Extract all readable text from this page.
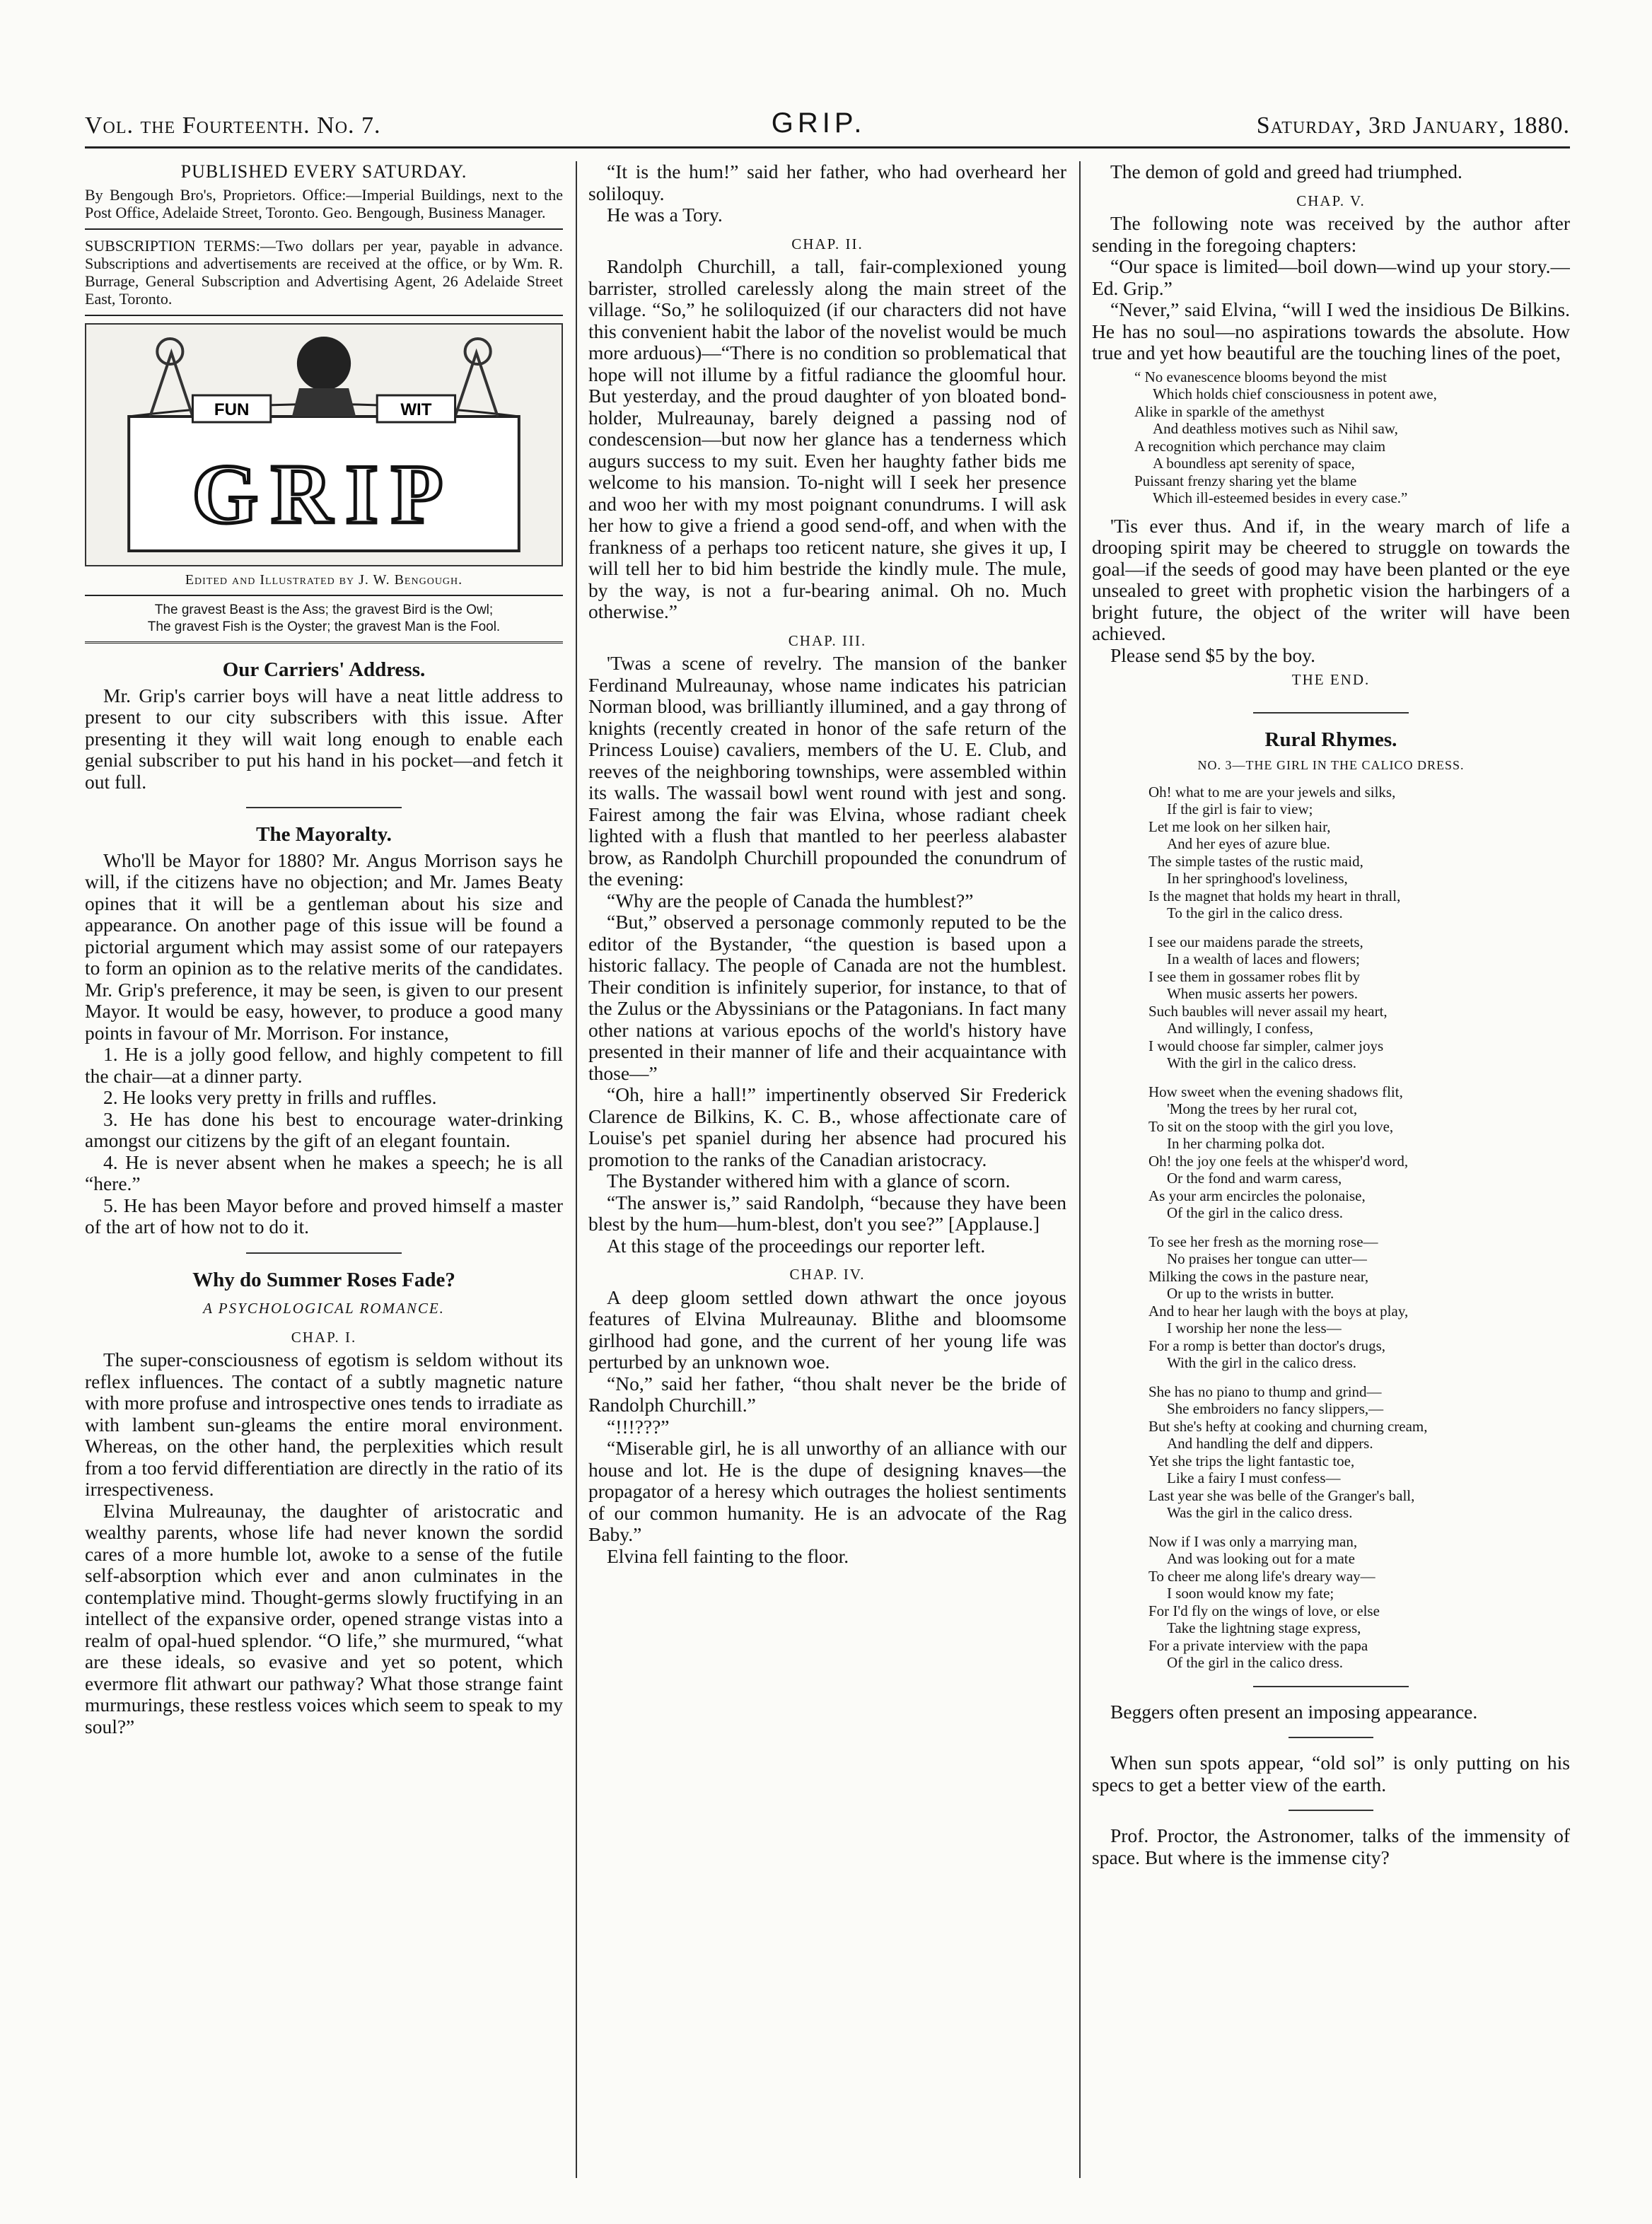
Vol. the Fourteenth. No. 7.	GRIP.	Saturday, 3rd January, 1880.
PUBLISHED EVERY SATURDAY.

By Bengough Bro's, Proprietors. Office:—Imperial Buildings, next to the Post Office, Adelaide Street, Toronto. Geo. Bengough, Business Manager.

SUBSCRIPTION TERMS:—Two dollars per year, payable in advance. Subscriptions and advertisements are received at the office, or by Wm. R. Burrage, General Subscription and Advertising Agent, 26 Adelaide Street East, Toronto.

FUN	WIT
GRIP
Edited and Illustrated by J. W. Bengough.
The gravest Beast is the Ass; the gravest Bird is the Owl;
The gravest Fish is the Oyster; the gravest Man is the Fool.
Our Carriers' Address.

Mr. Grip's carrier boys will have a neat little address to present to our city subscribers with this issue. After presenting it they will wait long enough to enable each genial subscriber to put his hand in his pocket—and fetch it out full.

The Mayoralty.

Who'll be Mayor for 1880? Mr. Angus Morrison says he will, if the citizens have no objection; and Mr. James Beaty opines that it will be a gentleman about his size and appearance. On another page of this issue will be found a pictorial argument which may assist some of our ratepayers to form an opinion as to the relative merits of the candidates. Mr. Grip's preference, it may be seen, is given to our present Mayor. It would be easy, however, to produce a good many points in favour of Mr. Morrison. For instance,

1. He is a jolly good fellow, and highly competent to fill the chair—at a dinner party.
2. He looks very pretty in frills and ruffles.
3. He has done his best to encourage water-drinking amongst our citizens by the gift of an elegant fountain.
4. He is never absent when he makes a speech; he is all “here.”
5. He has been Mayor before and proved himself a master of the art of how not to do it.
Why do Summer Roses Fade?
A PSYCHOLOGICAL ROMANCE.
CHAP. I.

The super-consciousness of egotism is seldom without its reflex influences. The contact of a subtly magnetic nature with more profuse and introspective ones tends to irradiate as with lambent sun-gleams the entire moral environment. Whereas, on the other hand, the perplexities which result from a too fervid differentiation are directly in the ratio of its irrespectiveness.

Elvina Mulreaunay, the daughter of aristocratic and wealthy parents, whose life had never known the sordid cares of a more humble lot, awoke to a sense of the futile self-absorption which ever and anon culminates in the contemplative mind. Thought-germs slowly fructifying in an intellect of the expansive order, opened strange vistas into a realm of opal-hued splendor. “O life,” she murmured, “what are these ideals, so evasive and yet so potent, which evermore flit athwart our pathway? What those strange faint murmurings, these restless voices which seem to speak to my soul?”

“It is the hum!” said her father, who had overheard her soliloquy.

He was a Tory.

CHAP. II.

Randolph Churchill, a tall, fair-complexioned young barrister, strolled carelessly along the main street of the village. “So,” he soliloquized (if our characters did not have this convenient habit the labor of the novelist would be much more arduous)—“There is no condition so problematical that hope will not illume by a fitful radiance the gloomful hour. But yesterday, and the proud daughter of yon bloated bond-holder, Mulreaunay, barely deigned a passing nod of condescension—but now her glance has a tenderness which augurs success to my suit. Even her haughty father bids me welcome to his mansion. To-night will I seek her presence and woo her with my most poignant conundrums. I will ask her how to give a friend a good send-off, and when with the frankness of a perhaps too reticent nature, she gives it up, I will tell her to bid him bestride the kindly mule. The mule, by the way, is not a fur-bearing animal. Oh no. Much otherwise.”

CHAP. III.

'Twas a scene of revelry. The mansion of the banker Ferdinand Mulreaunay, whose name indicates his patrician Norman blood, was brilliantly illumined, and a gay throng of knights (recently created in honor of the safe return of the Princess Louise) cavaliers, members of the U. E. Club, and reeves of the neighboring townships, were assembled within its walls. The wassail bowl went round with jest and song. Fairest among the fair was Elvina, whose radiant cheek lighted with a flush that mantled to her peerless alabaster brow, as Randolph Churchill propounded the conundrum of the evening:

“Why are the people of Canada the humblest?”

“But,” observed a personage commonly reputed to be the editor of the Bystander, “the question is based upon a historic fallacy. The people of Canada are not the humblest. Their condition is infinitely superior, for instance, to that of the Zulus or the Abyssinians or the Patagonians. In fact many other nations at various epochs of the world's history have presented in their manner of life and their acquaintance with those—”

“Oh, hire a hall!” impertinently observed Sir Frederick Clarence de Bilkins, K. C. B., whose affectionate care of Louise's pet spaniel during her absence had procured his promotion to the ranks of the Canadian aristocracy.

The Bystander withered him with a glance of scorn.

“The answer is,” said Randolph, “because they have been blest by the hum—hum-blest, don't you see?” [Applause.]

At this stage of the proceedings our reporter left.

CHAP. IV.

A deep gloom settled down athwart the once joyous features of Elvina Mulreaunay. Blithe and bloomsome girlhood had gone, and the current of her young life was perturbed by an unknown woe.

“No,” said her father, “thou shalt never be the bride of Randolph Churchill.”

“!!!???”

“Miserable girl, he is all unworthy of an alliance with our house and lot. He is the dupe of designing knaves—the propagator of a heresy which outrages the holiest sentiments of our common humanity. He is an advocate of the Rag Baby.”

Elvina fell fainting to the floor.

The demon of gold and greed had triumphed.

CHAP. V.

The following note was received by the author after sending in the foregoing chapters:

“Our space is limited—boil down—wind up your story.—Ed. Grip.”

“Never,” said Elvina, “will I wed the insidious De Bilkins. He has no soul—no aspirations towards the absolute. How true and yet how beautiful are the touching lines of the poet,

“ No evanescence blooms beyond the mist
Which holds chief consciousness in potent awe,
Alike in sparkle of the amethyst
And deathless motives such as Nihil saw,
A recognition which perchance may claim
A boundless apt serenity of space,
Puissant frenzy sharing yet the blame
Which ill-esteemed besides in every case.”

'Tis ever thus. And if, in the weary march of life a drooping spirit may be cheered to struggle on towards the goal—if the seeds of good may have been planted or the eye unsealed to greet with prophetic vision the harbingers of a bright future, the object of the writer will have been achieved.

Please send $5 by the boy.

THE END.
Rural Rhymes.
NO. 3—THE GIRL IN THE CALICO DRESS.
Oh! what to me are your jewels and silks,
If the girl is fair to view;
Let me look on her silken hair,
And her eyes of azure blue.
The simple tastes of the rustic maid,
In her springhood's loveliness,
Is the magnet that holds my heart in thrall,
To the girl in the calico dress.
I see our maidens parade the streets,
In a wealth of laces and flowers;
I see them in gossamer robes flit by
When music asserts her powers.
Such baubles will never assail my heart,
And willingly, I confess,
I would choose far simpler, calmer joys
With the girl in the calico dress.
How sweet when the evening shadows flit,
'Mong the trees by her rural cot,
To sit on the stoop with the girl you love,
In her charming polka dot.
Oh! the joy one feels at the whisper'd word,
Or the fond and warm caress,
As your arm encircles the polonaise,
Of the girl in the calico dress.
To see her fresh as the morning rose—
No praises her tongue can utter—
Milking the cows in the pasture near,
Or up to the wrists in butter.
And to hear her laugh with the boys at play,
I worship her none the less—
For a romp is better than doctor's drugs,
With the girl in the calico dress.
She has no piano to thump and grind—
She embroiders no fancy slippers,—
But she's hefty at cooking and churning cream,
And handling the delf and dippers.
Yet she trips the light fantastic toe,
Like a fairy I must confess—
Last year she was belle of the Granger's ball,
Was the girl in the calico dress.
Now if I was only a marrying man,
And was looking out for a mate
To cheer me along life's dreary way—
I soon would know my fate;
For I'd fly on the wings of love, or else
Take the lightning stage express,
For a private interview with the papa
Of the girl in the calico dress.

Beggers often present an imposing appearance.

When sun spots appear, “old sol” is only putting on his specs to get a better view of the earth.

Prof. Proctor, the Astronomer, talks of the immensity of space. But where is the immense city?
